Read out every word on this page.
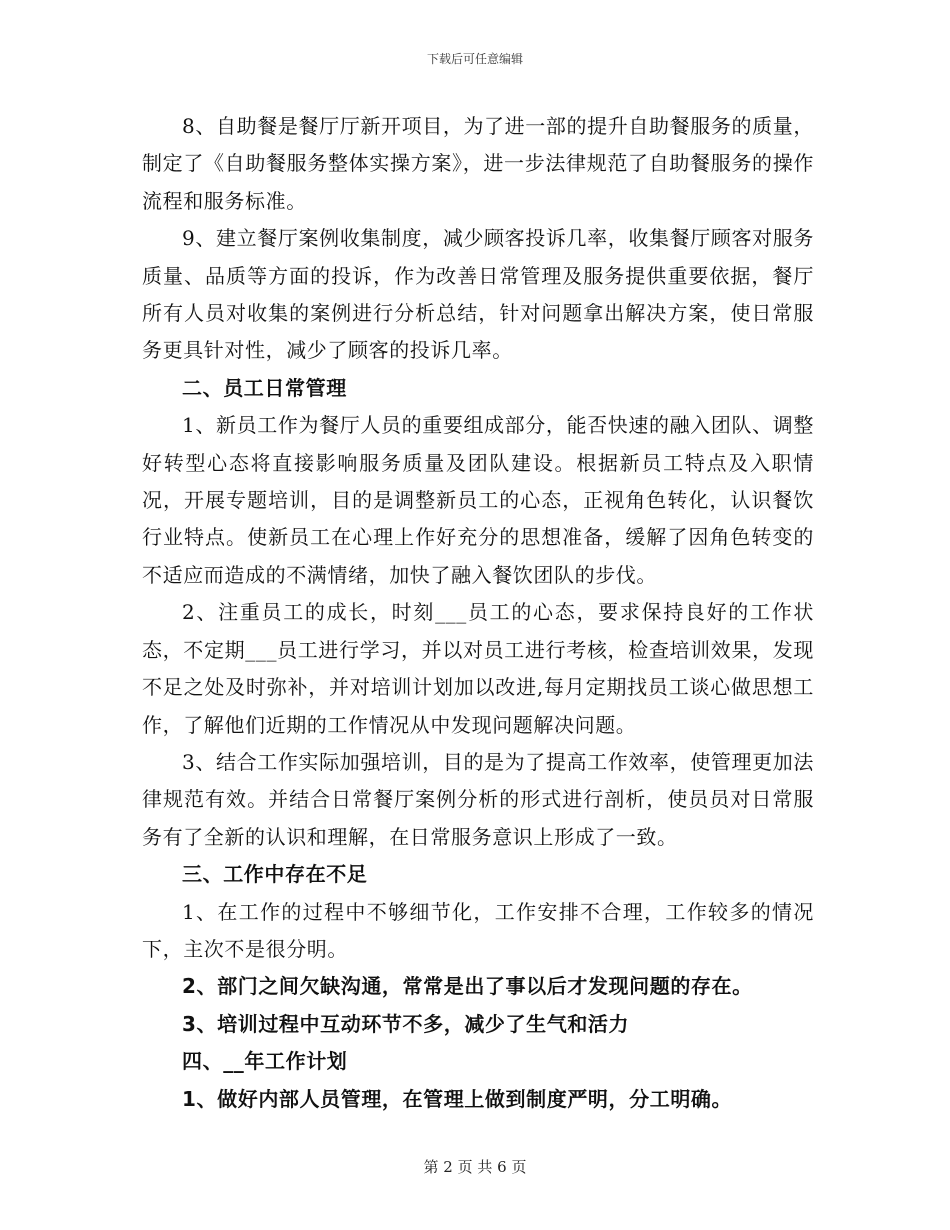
下载后可任意编辑

8、自助餐是餐厅厅新开项目，为了进一部的提升自助餐服务的质量，制定了《自助餐服务整体实操方案》，进一步法律规范了自助餐服务的操作流程和服务标准。

9、建立餐厅案例收集制度，减少顾客投诉几率，收集餐厅顾客对服务质量、品质等方面的投诉，作为改善日常管理及服务提供重要依据，餐厅所有人员对收集的案例进行分析总结，针对问题拿出解决方案，使日常服务更具针对性，减少了顾客的投诉几率。

二、员工日常管理

1、新员工作为餐厅人员的重要组成部分，能否快速的融入团队、调整好转型心态将直接影响服务质量及团队建设。根据新员工特点及入职情况，开展专题培训，目的是调整新员工的心态，正视角色转化，认识餐饮行业特点。使新员工在心理上作好充分的思想准备，缓解了因角色转变的不适应而造成的不满情绪，加快了融入餐饮团队的步伐。

2、注重员工的成长，时刻___员工的心态，要求保持良好的工作状态，不定期___员工进行学习，并以对员工进行考核，检查培训效果，发现不足之处及时弥补，并对培训计划加以改进,每月定期找员工谈心做思想工作，了解他们近期的工作情况从中发现问题解决问题。

3、结合工作实际加强培训，目的是为了提高工作效率，使管理更加法律规范有效。并结合日常餐厅案例分析的形式进行剖析，使员员对日常服务有了全新的认识和理解，在日常服务意识上形成了一致。

三、工作中存在不足

1、在工作的过程中不够细节化，工作安排不合理，工作较多的情况下，主次不是很分明。

2、部门之间欠缺沟通，常常是出了事以后才发现问题的存在。

3、培训过程中互动环节不多，减少了生气和活力

四、__年工作计划

1、做好内部人员管理，在管理上做到制度严明，分工明确。

第 2 页 共 6 页
